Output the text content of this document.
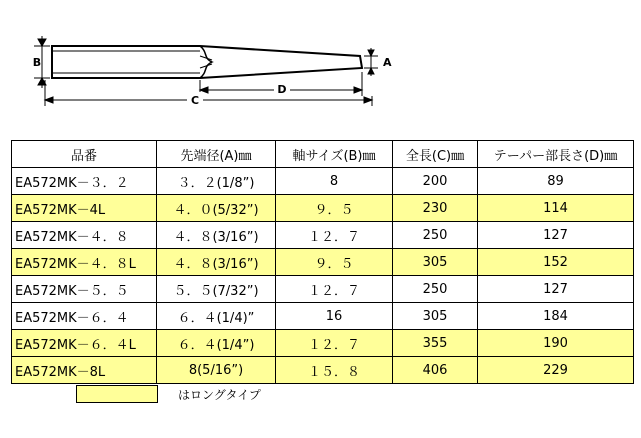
B	A
D
C
品番	先端径(A)㎜	軸サイズ(B)㎜	全長(C)㎜	テーパー部長さ(D)㎜
EA572MK－３．２	３．２(1/8”)	8	200	89
EA572MK－4L	４．０(5/32”)	９．５	230	114
EA572MK－４．８	４．８(3/16”)	１２．７	250	127
EA572MK－４．８L	４．８(3/16”)	９．５	305	152
EA572MK－５．５	５．５(7/32”)	１２．７	250	127
EA572MK－６．４	６．４(1/4)”	16	305	184
EA572MK－６．４L	６．４(1/4”)	１２．７	355	190
EA572MK－8L	8(5/16”)	１５．８	406	229
はロングタイプ
